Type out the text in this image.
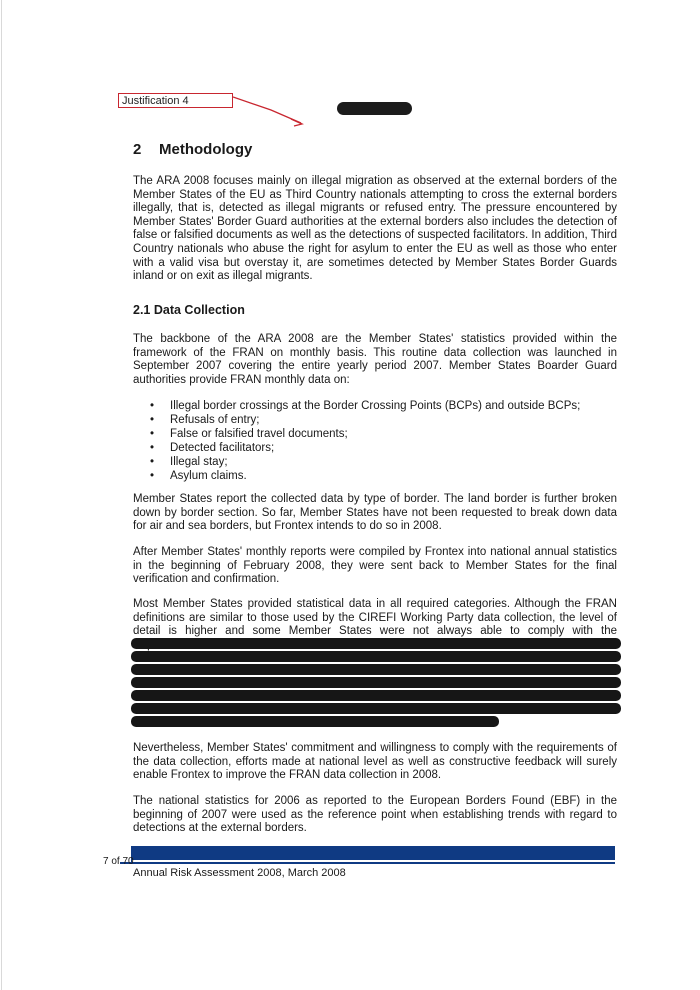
Justification 4
2 Methodology

The ARA 2008 focuses mainly on illegal migration as observed at the external borders of the Member States of the EU as Third Country nationals attempting to cross the external borders illegally, that is, detected as illegal migrants or refused entry. The pressure encountered by Member States' Border Guard authorities at the external borders also includes the detection of false or falsified documents as well as the detections of suspected facilitators. In addition, Third Country nationals who abuse the right for asylum to enter the EU as well as those who enter with a valid visa but overstay it, are sometimes detected by Member States Border Guards inland or on exit as illegal migrants.

2.1 Data Collection

The backbone of the ARA 2008 are the Member States' statistics provided within the framework of the FRAN on monthly basis. This routine data collection was launched in September 2007 covering the entire yearly period 2007. Member States Boarder Guard authorities provide FRAN monthly data on:

• Illegal border crossings at the Border Crossing Points (BCPs) and outside BCPs;
• Refusals of entry;
• False or falsified travel documents;
• Detected facilitators;
• Illegal stay;
• Asylum claims.

Member States report the collected data by type of border. The land border is further broken down by border section. So far, Member States have not been requested to break down data for air and sea borders, but Frontex intends to do so in 2008.

After Member States' monthly reports were compiled by Frontex into national annual statistics in the beginning of February 2008, they were sent back to Member States for the final verification and confirmation.

Most Member States provided statistical data in all required categories. Although the FRAN definitions are similar to those used by the CIREFI Working Party data collection, the level of detail is higher and some Member States were not always able to comply with the

Nevertheless, Member States' commitment and willingness to comply with the requirements of the data collection, efforts made at national level as well as constructive feedback will surely enable Frontex to improve the FRAN data collection in 2008.

The national statistics for 2006 as reported to the European Borders Found (EBF) in the beginning of 2007 were used as the reference point when establishing trends with regard to detections at the external borders.

7 of 70
Annual Risk Assessment 2008, March 2008
